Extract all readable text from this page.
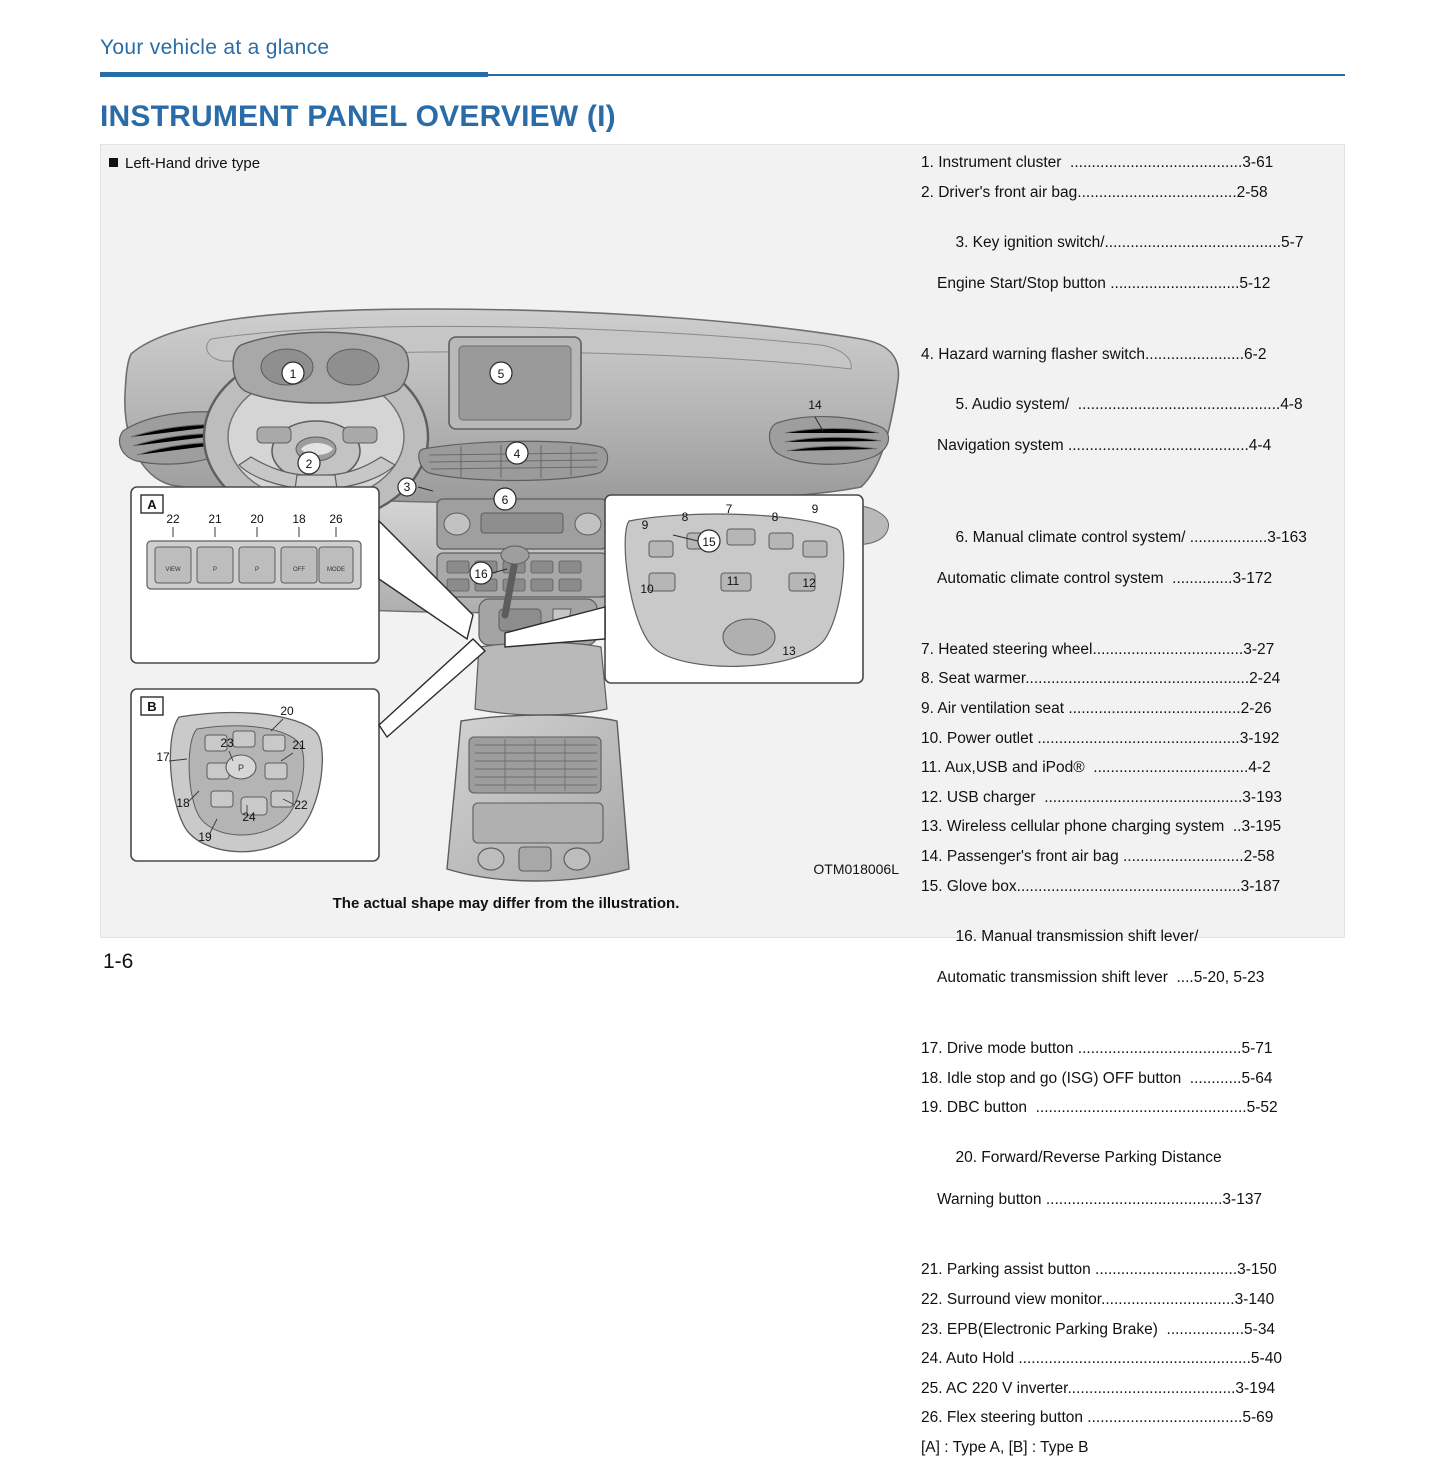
Your vehicle at a glance
INSTRUMENT PANEL OVERVIEW (I)
Left-Hand drive type
A
VIEW	P	P	OFF	MODE
22 21 20 18 26
B
P
20
21
22
23
24
19
18
17
9
8
7
8
9
10
11	12
13
1
2
3
4
5
6
15
16
14
OTM018006L
The actual shape may differ from the illustration.
1. Instrument cluster  ........................................3-61
2. Driver's front air bag.....................................2-58

3. Key ignition switch/.........................................5-7

Engine Start/Stop button ..............................5-12

4. Hazard warning flasher switch.......................6-2

5. Audio system/  ...............................................4-8

Navigation system ..........................................4-4

6. Manual climate control system/ ..................3-163

Automatic climate control system  ..............3-172

7. Heated steering wheel...................................3-27
8. Seat warmer....................................................2-24
9. Air ventilation seat ........................................2-26
10. Power outlet ...............................................3-192
11. Aux,USB and iPod®  ....................................4-2
12. USB charger  ..............................................3-193
13. Wireless cellular phone charging system  ..3-195
14. Passenger's front air bag ............................2-58
15. Glove box....................................................3-187

16. Manual transmission shift lever/

Automatic transmission shift lever  ....5-20, 5-23

17. Drive mode button ......................................5-71
18. Idle stop and go (ISG) OFF button  ............5-64
19. DBC button  .................................................5-52

20. Forward/Reverse Parking Distance

Warning button .........................................3-137

21. Parking assist button .................................3-150
22. Surround view monitor...............................3-140
23. EPB(Electronic Parking Brake)  ..................5-34
24. Auto Hold ......................................................5-40
25. AC 220 V inverter.......................................3-194
26. Flex steering button ....................................5-69
[A] : Type A, [B] : Type B
1-6
